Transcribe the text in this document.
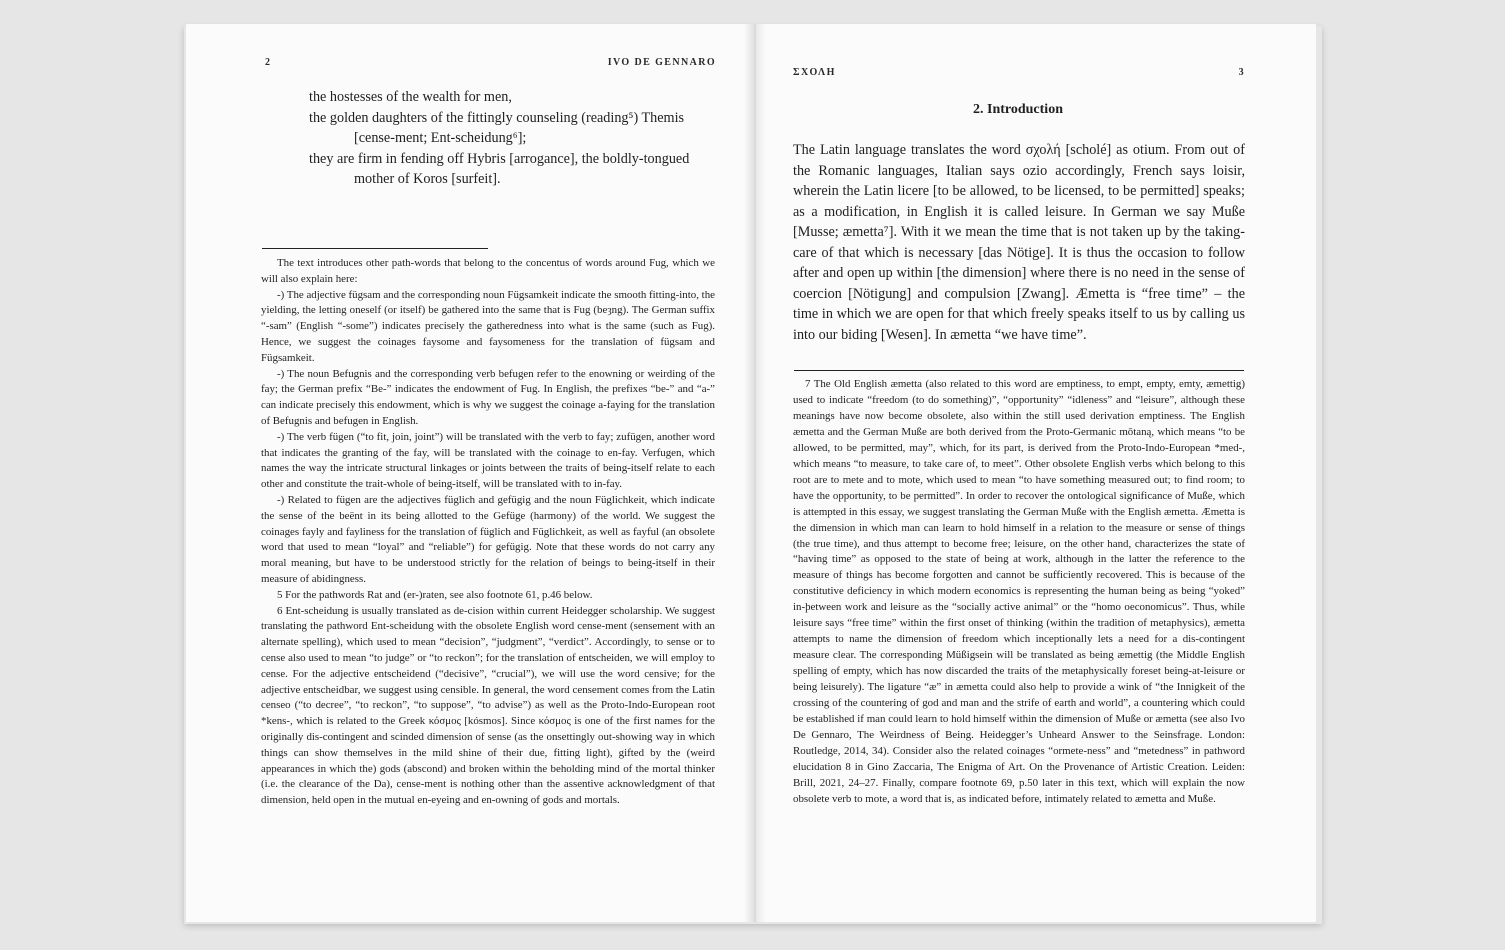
2	IVO DE GENNARO

the hostesses of the wealth for men,

the golden daughters of the fittingly counseling (reading⁵) Themis

[cense-ment; Ent-scheidung⁶];

they are firm in fending off Hybris [arrogance], the boldly-tongued

mother of Koros [surfeit].

The text introduces other path-words that belong to the concentus of words around Fug, which we will also explain here:

-) The adjective fügsam and the corresponding noun Fügsamkeit indicate the smooth fitting-into, the yielding, the letting oneself (or itself) be gathered into the same that is Fug (beȝng). The German suffix “-sam” (English “-some”) indicates precisely the gatheredness into what is the same (such as Fug). Hence, we suggest the coinages faysome and faysomeness for the translation of fügsam and Fügsamkeit.

-) The noun Befugnis and the corresponding verb befugen refer to the enowning or weirding of the fay; the German prefix “Be-” indicates the endowment of Fug. In English, the prefixes “be-” and “a-” can indicate precisely this endowment, which is why we suggest the coinage a-faying for the translation of Befugnis and befugen in English.

-) The verb fügen (“to fit, join, joint”) will be translated with the verb to fay; zufügen, another word that indicates the granting of the fay, will be translated with the coinage to en-fay. Verfugen, which names the way the intricate structural linkages or joints between the traits of being-itself relate to each other and constitute the trait-whole of being-itself, will be translated with to in-fay.

-) Related to fügen are the adjectives füglich and gefügig and the noun Füglichkeit, which indicate the sense of the beënt in its being allotted to the Gefüge (harmony) of the world. We suggest the coinages fayly and fayliness for the translation of füglich and Füglichkeit, as well as fayful (an obsolete word that used to mean “loyal” and “reliable”) for gefügig. Note that these words do not carry any moral meaning, but have to be understood strictly for the relation of beings to being-itself in their measure of abidingness.

5 For the pathwords Rat and (er-)raten, see also footnote 61, p.46 below.

6 Ent-scheidung is usually translated as de-cision within current Heidegger scholarship. We suggest translating the pathword Ent-scheidung with the obsolete English word cense-ment (sensement with an alternate spelling), which used to mean “decision”, “judgment”, “verdict”. Accordingly, to sense or to cense also used to mean “to judge” or “to reckon”; for the translation of entscheiden, we will employ to cense. For the adjective entscheidend (“decisive”, “crucial”), we will use the word censive; for the adjective entscheidbar, we suggest using censible. In general, the word censement comes from the Latin censeo (“to decree”, “to reckon”, “to suppose”, “to advise”) as well as the Proto-Indo-European root *kens-, which is related to the Greek κόσμος [kósmos]. Since κόσμος is one of the first names for the originally dis-contingent and scinded dimension of sense (as the onsettingly out-showing way in which things can show themselves in the mild shine of their due, fitting light), gifted by the (weird appearances in which the) gods (abscond) and broken within the beholding mind of the mortal thinker (i.e. the clearance of the Da), cense-ment is nothing other than the assentive acknowledgment of that dimension, held open in the mutual en-eyeing and en-owning of gods and mortals.

ΣΧΟΛΗ	3
2. Introduction

The Latin language translates the word σχολή [scholé] as otium. From out of the Romanic languages, Italian says ozio accordingly, French says loisir, wherein the Latin licere [to be allowed, to be licensed, to be permitted] speaks; as a modification, in English it is called leisure. In German we say Muße [Musse; æmetta⁷]. With it we mean the time that is not taken up by the taking-care of that which is necessary [das Nötige]. It is thus the occasion to follow after and open up within [the dimension] where there is no need in the sense of coercion [Nötigung] and compulsion [Zwang]. Æmetta is “free time” – the time in which we are open for that which freely speaks itself to us by calling us into our biding [Wesen]. In æmetta “we have time”.

7 The Old English æmetta (also related to this word are emptiness, to empt, empty, emty, æmettig) used to indicate “freedom (to do something)”, “opportunity” “idleness” and “leisure”, although these meanings have now become obsolete, also within the still used derivation emptiness. The English æmetta and the German Muße are both derived from the Proto-Germanic mōtaną, which means “to be allowed, to be permitted, may”, which, for its part, is derived from the Proto-Indo-European *med-, which means “to measure, to take care of, to meet”. Other obsolete English verbs which belong to this root are to mete and to mote, which used to mean “to have something measured out; to find room; to have the opportunity, to be permitted”. In order to recover the ontological significance of Muße, which is attempted in this essay, we suggest translating the German Muße with the English æmetta. Æmetta is the dimension in which man can learn to hold himself in a relation to the measure or sense of things (the true time), and thus attempt to become free; leisure, on the other hand, characterizes the state of “having time” as opposed to the state of being at work, although in the latter the reference to the measure of things has become forgotten and cannot be sufficiently recovered. This is because of the constitutive deficiency in which modern economics is representing the human being as being “yoked” in-þetween work and leisure as the “socially active animal” or the “homo oeconomicus”. Thus, while leisure says “free time” within the first onset of thinking (within the tradition of metaphysics), æmetta attempts to name the dimension of freedom which inceptionally lets a need for a dis-contingent measure clear. The corresponding Müßigsein will be translated as being æmettig (the Middle English spelling of empty, which has now discarded the traits of the metaphysically foreset being-at-leisure or being leisurely). The ligature “æ” in æmetta could also help to provide a wink of “the Innigkeit of the crossing of the countering of god and man and the strife of earth and world”, a countering which could be established if man could learn to hold himself within the dimension of Muße or æmetta (see also Ivo De Gennaro, The Weirdness of Being. Heidegger’s Unheard Answer to the Seinsfrage. London: Routledge, 2014, 34). Consider also the related coinages “ormete-ness” and “metedness” in pathword elucidation 8 in Gino Zaccaria, The Enigma of Art. On the Provenance of Artistic Creation. Leiden: Brill, 2021, 24–27. Finally, compare footnote 69, p.50 later in this text, which will explain the now obsolete verb to mote, a word that is, as indicated before, intimately related to æmetta and Muße.
